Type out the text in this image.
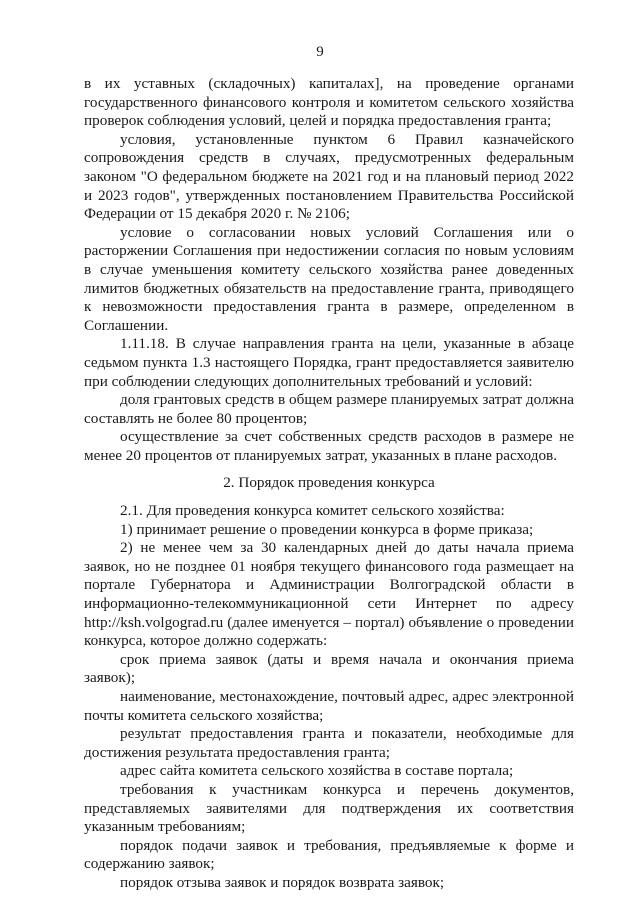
9

в их уставных (складочных) капиталах], на проведение органами государственного финансового контроля и комитетом сельского хозяйства проверок соблюдения условий, целей и порядка предоставления гранта;

условия, установленные пунктом 6 Правил казначейского сопровождения средств в случаях, предусмотренных федеральным законом "О федеральном бюджете на 2021 год и на плановый период 2022 и 2023 годов", утвержденных постановлением Правительства Российской Федерации от 15 декабря 2020 г. № 2106;

условие о согласовании новых условий Соглашения или о расторжении Соглашения при недостижении согласия по новым условиям в случае уменьшения комитету сельского хозяйства ранее доведенных лимитов бюджетных обязательств на предоставление гранта, приводящего к невозможности предоставления гранта в размере, определенном в Соглашении.

1.11.18. В случае направления гранта на цели, указанные в абзаце седьмом пункта 1.3 настоящего Порядка, грант предоставляется заявителю при соблюдении следующих дополнительных требований и условий:

доля грантовых средств в общем размере планируемых затрат должна составлять не более 80 процентов;

осуществление за счет собственных средств расходов в размере не менее 20 процентов от планируемых затрат, указанных в плане расходов.

2. Порядок проведения конкурса

2.1. Для проведения конкурса комитет сельского хозяйства:

1) принимает решение о проведении конкурса в форме приказа;

2) не менее чем за 30 календарных дней до даты начала приема заявок, но не позднее 01 ноября текущего финансового года размещает на портале Губернатора и Администрации Волгоградской области в информационно-телекоммуникационной сети Интернет по адресу http://ksh.volgograd.ru (далее именуется – портал) объявление о проведении конкурса, которое должно содержать:

срок приема заявок (даты и время начала и окончания приема заявок);

наименование, местонахождение, почтовый адрес, адрес электронной почты комитета сельского хозяйства;

результат предоставления гранта и показатели, необходимые для достижения результата предоставления гранта;

адрес сайта комитета сельского хозяйства в составе портала;

требования к участникам конкурса и перечень документов, представляемых заявителями для подтверждения их соответствия указанным требованиям;

порядок подачи заявок и требования, предъявляемые к форме и содержанию заявок;

порядок отзыва заявок и порядок возврата заявок;
